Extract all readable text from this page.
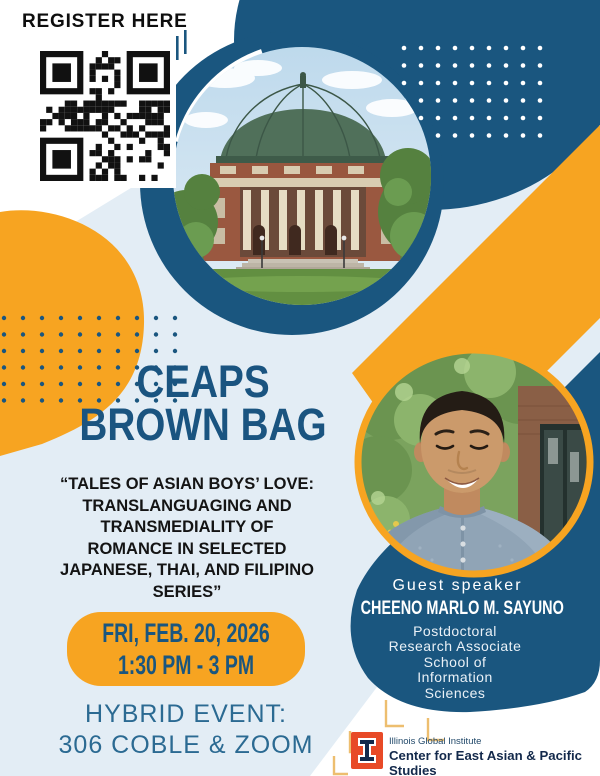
REGISTER HERE
CEAPS
BROWN BAG
“TALES OF ASIAN BOYS’ LOVE:
TRANSLANGUAGING AND
TRANSMEDIALITY OF
ROMANCE IN SELECTED
JAPANESE, THAI, AND FILIPINO
SERIES”
FRI, FEB. 20, 2026
1:30 PM - 3 PM
HYBRID EVENT:
306 COBLE & ZOOM
Guest speaker
CHEENO MARLO M. SAYUNO
Postdoctoral
Research Associate
School of
Information
Sciences
Illinois Global Institute
Center for East Asian & Pacific Studies
